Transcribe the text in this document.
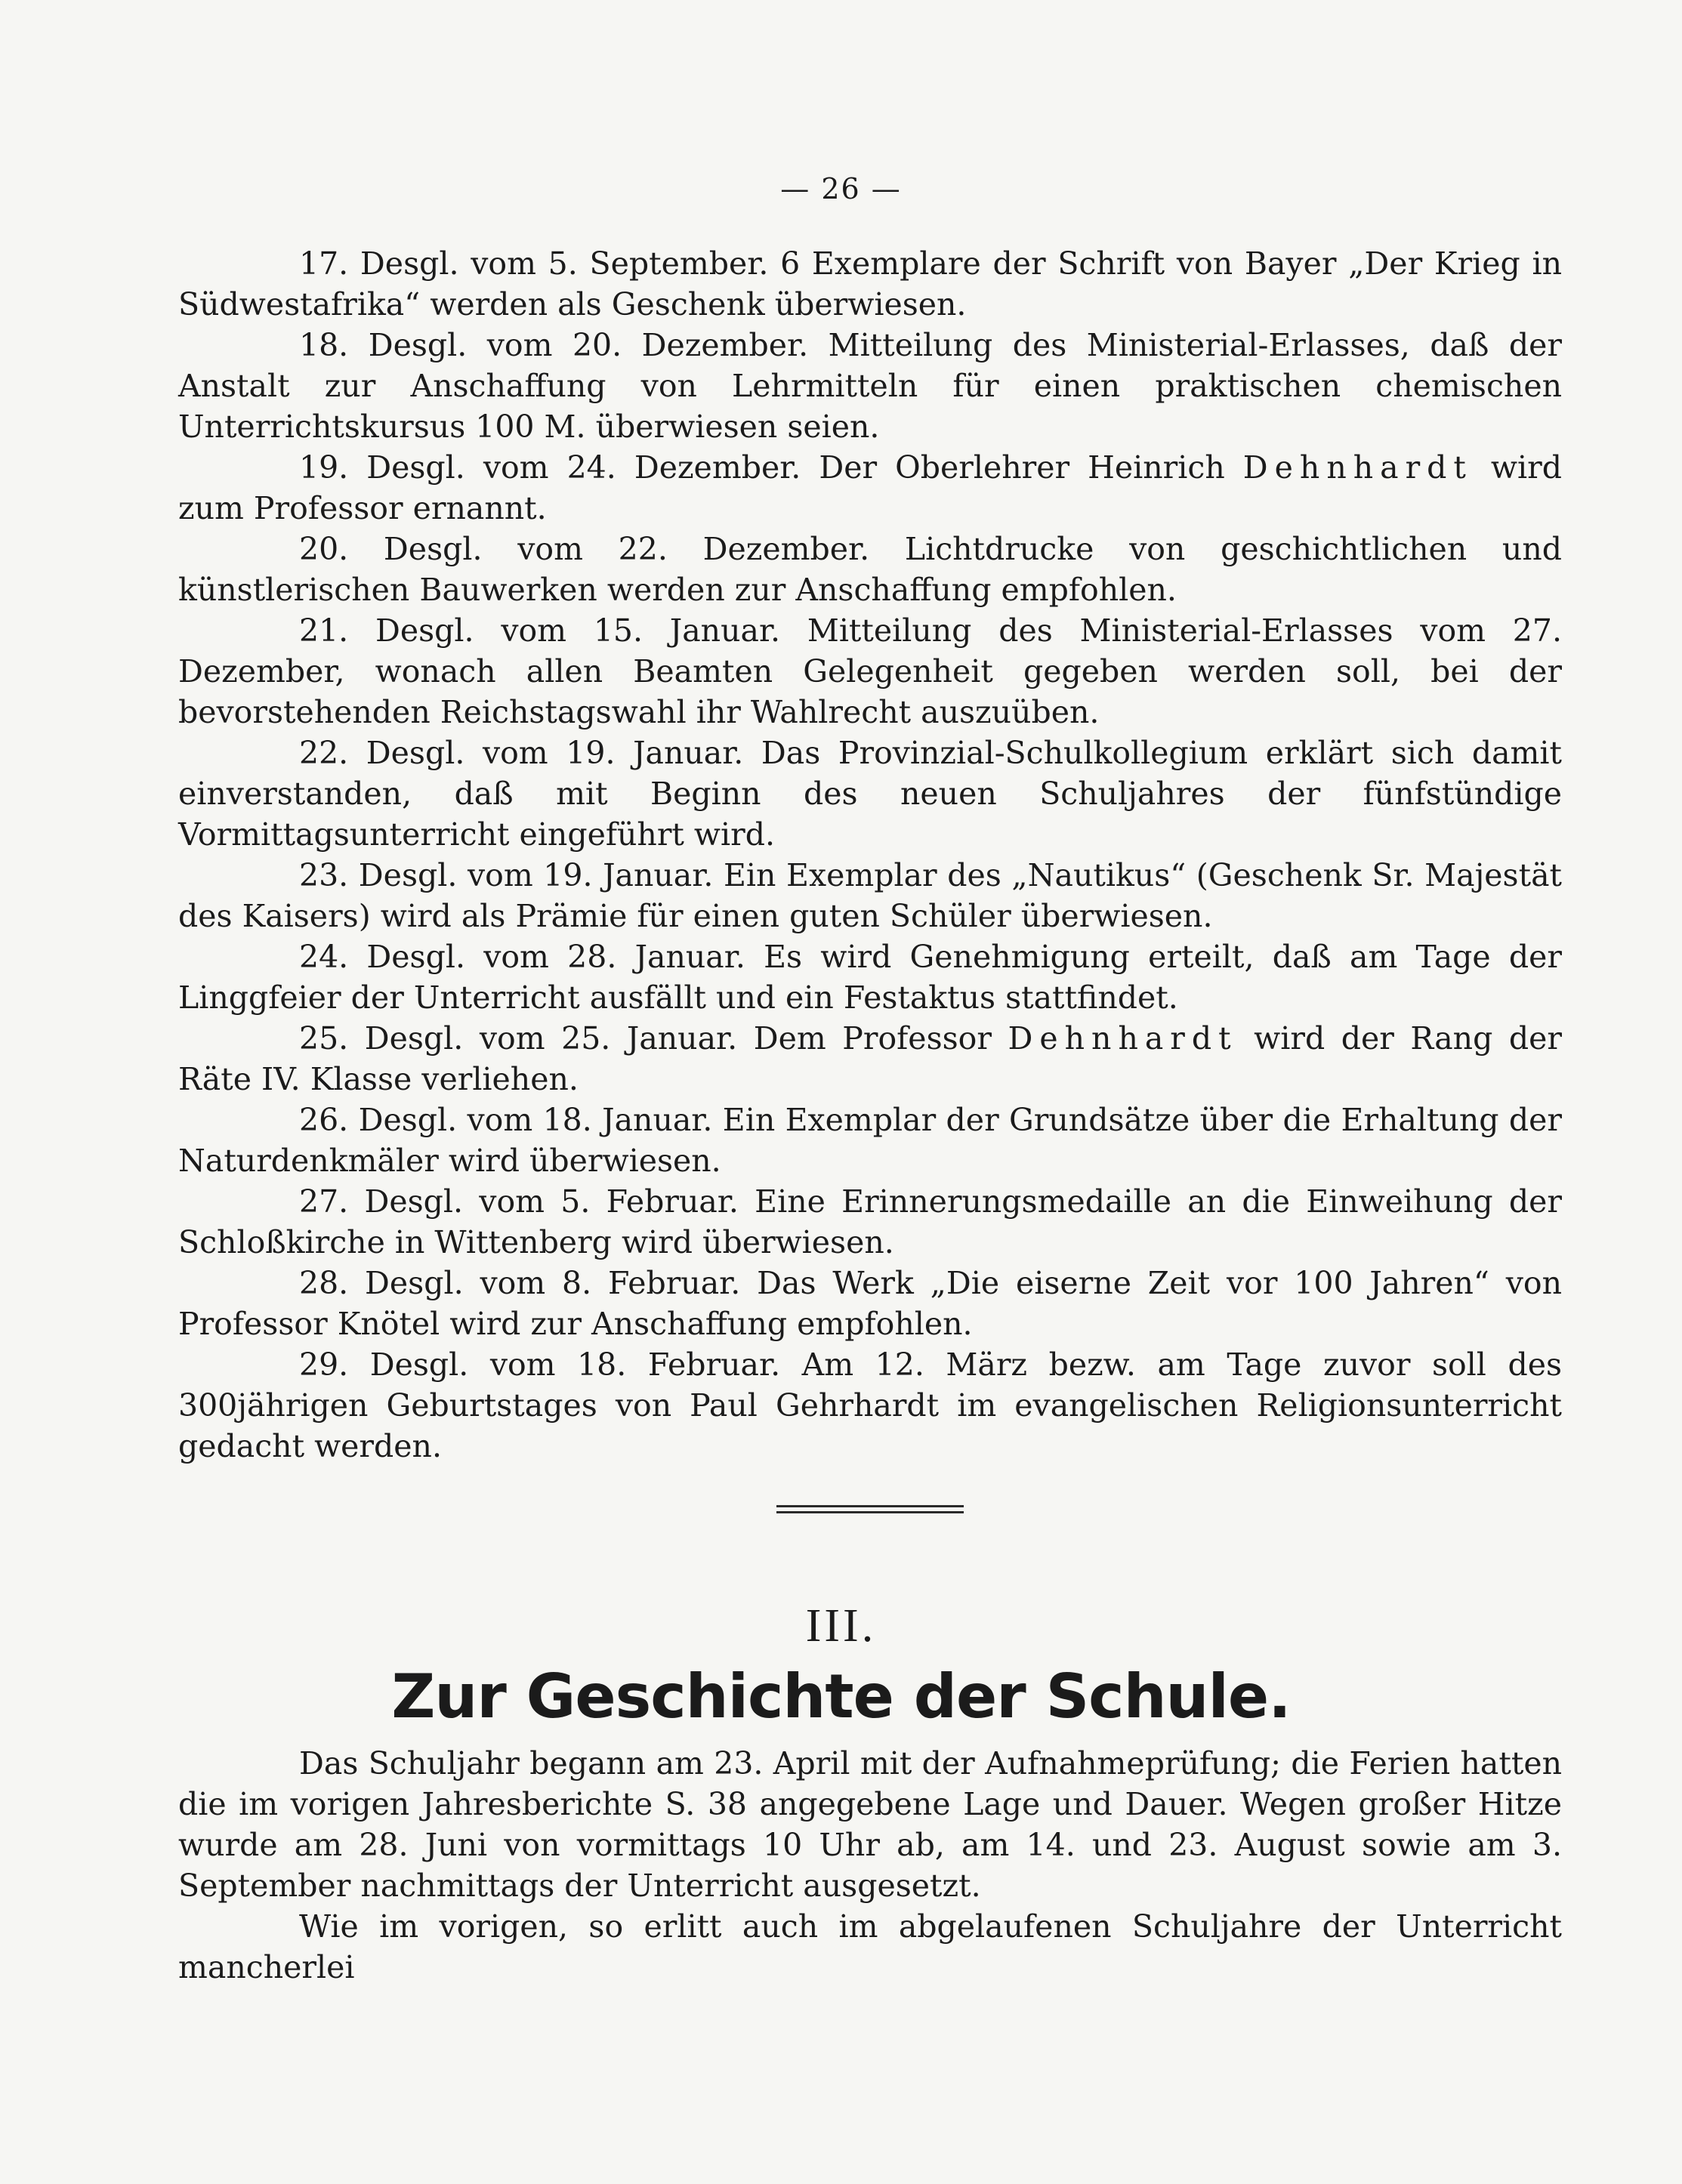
— 26 —

17. Desgl. vom 5. September. 6 Exemplare der Schrift von Bayer „Der Krieg in Südwestafrika“ werden als Geschenk überwiesen.

18. Desgl. vom 20. Dezember. Mitteilung des Ministerial-Erlasses, daß der Anstalt zur Anschaffung von Lehrmitteln für einen praktischen chemischen Unterrichtskursus 100 M. überwiesen seien.

19. Desgl. vom 24. Dezember. Der Oberlehrer Heinrich Dehnhardt wird zum Professor ernannt.

20. Desgl. vom 22. Dezember. Lichtdrucke von geschichtlichen und künstlerischen Bauwerken werden zur Anschaffung empfohlen.

21. Desgl. vom 15. Januar. Mitteilung des Ministerial-Erlasses vom 27. Dezember, wonach allen Beamten Gelegenheit gegeben werden soll, bei der bevorstehenden Reichstagswahl ihr Wahlrecht auszuüben.

22. Desgl. vom 19. Januar. Das Provinzial-Schulkollegium erklärt sich damit einverstanden, daß mit Beginn des neuen Schuljahres der fünfstündige Vormittagsunterricht eingeführt wird.

23. Desgl. vom 19. Januar. Ein Exemplar des „Nautikus“ (Geschenk Sr. Majestät des Kaisers) wird als Prämie für einen guten Schüler überwiesen.

24. Desgl. vom 28. Januar. Es wird Genehmigung erteilt, daß am Tage der Linggfeier der Unterricht ausfällt und ein Festaktus stattfindet.

25. Desgl. vom 25. Januar. Dem Professor Dehnhardt wird der Rang der Räte IV. Klasse verliehen.

26. Desgl. vom 18. Januar. Ein Exemplar der Grundsätze über die Erhaltung der Naturdenkmäler wird überwiesen.

27. Desgl. vom 5. Februar. Eine Erinnerungsmedaille an die Einweihung der Schloßkirche in Wittenberg wird überwiesen.

28. Desgl. vom 8. Februar. Das Werk „Die eiserne Zeit vor 100 Jahren“ von Professor Knötel wird zur Anschaffung empfohlen.

29. Desgl. vom 18. Februar. Am 12. März bezw. am Tage zuvor soll des 300jährigen Geburtstages von Paul Gehrhardt im evangelischen Religionsunterricht gedacht werden.

III.
Zur Geschichte der Schule.

Das Schuljahr begann am 23. April mit der Aufnahmeprüfung; die Ferien hatten die im vorigen Jahresberichte S. 38 angegebene Lage und Dauer. Wegen großer Hitze wurde am 28. Juni von vormittags 10 Uhr ab, am 14. und 23. August sowie am 3. September nachmittags der Unterricht ausgesetzt.

Wie im vorigen, so erlitt auch im abgelaufenen Schuljahre der Unterricht mancherlei
